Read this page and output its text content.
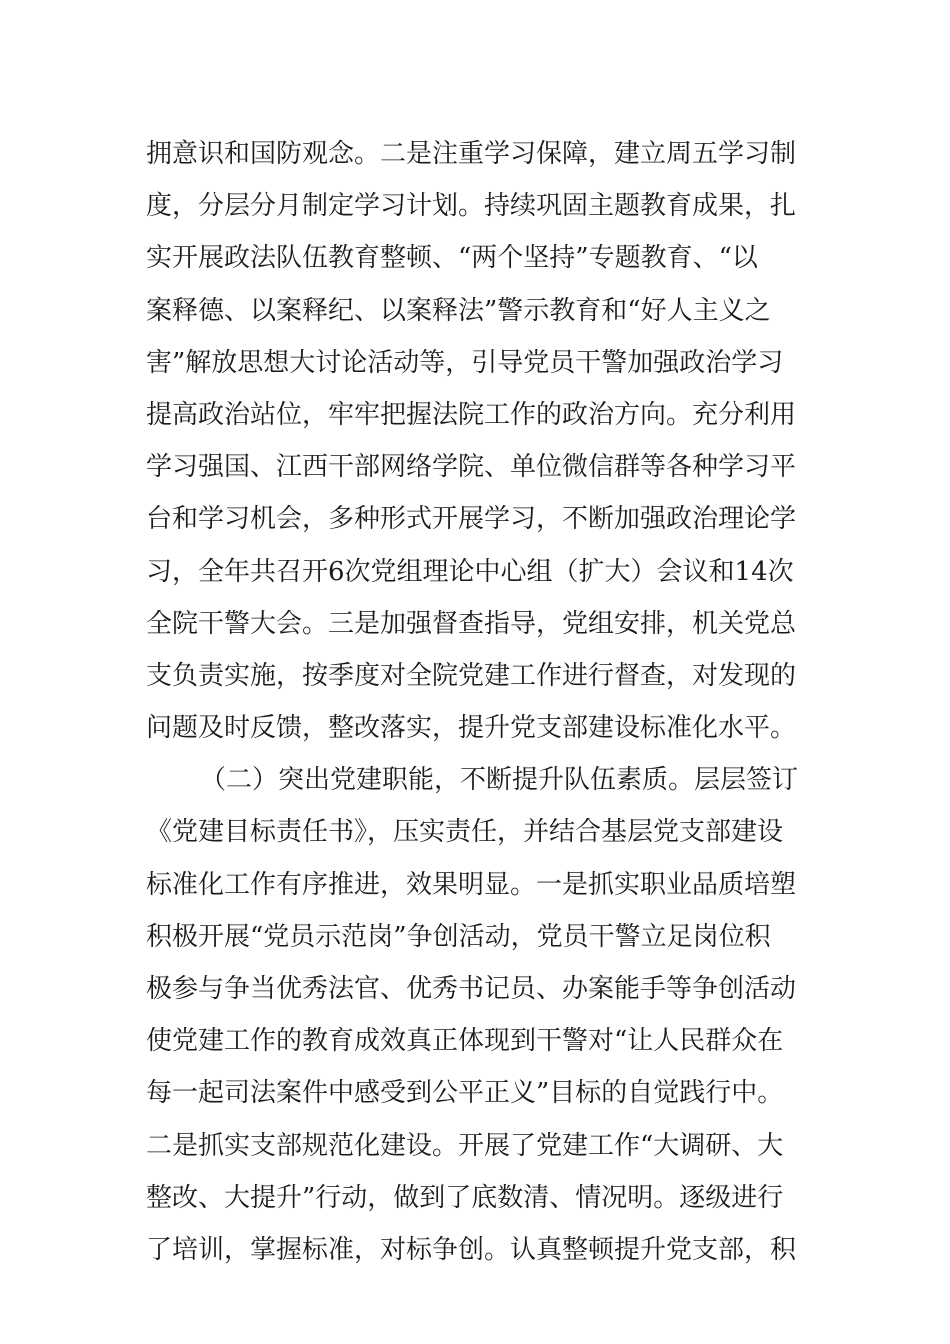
拥意识和国防观念。二是注重学习保障，建立周五学习制
度，分层分月制定学习计划。持续巩固主题教育成果，扎
实开展政法队伍教育整顿、“两个坚持”专题教育、“以
案释德、以案释纪、以案释法”警示教育和“好人主义之
害”解放思想大讨论活动等，引导党员干警加强政治学习
提高政治站位，牢牢把握法院工作的政治方向。充分利用
学习强国、江西干部网络学院、单位微信群等各种学习平
台和学习机会，多种形式开展学习，不断加强政治理论学
习，全年共召开6次党组理论中心组（扩大）会议和14次
全院干警大会。三是加强督查指导，党组安排，机关党总
支负责实施，按季度对全院党建工作进行督查，对发现的
问题及时反馈，整改落实，提升党支部建设标准化水平。
（二）突出党建职能，不断提升队伍素质。层层签订
《党建目标责任书》，压实责任，并结合基层党支部建设
标准化工作有序推进，效果明显。一是抓实职业品质培塑
积极开展“党员示范岗”争创活动，党员干警立足岗位积
极参与争当优秀法官、优秀书记员、办案能手等争创活动
使党建工作的教育成效真正体现到干警对“让人民群众在
每一起司法案件中感受到公平正义”目标的自觉践行中。
二是抓实支部规范化建设。开展了党建工作“大调研、大
整改、大提升”行动，做到了底数清、情况明。逐级进行
了培训，掌握标准，对标争创。认真整顿提升党支部，积
